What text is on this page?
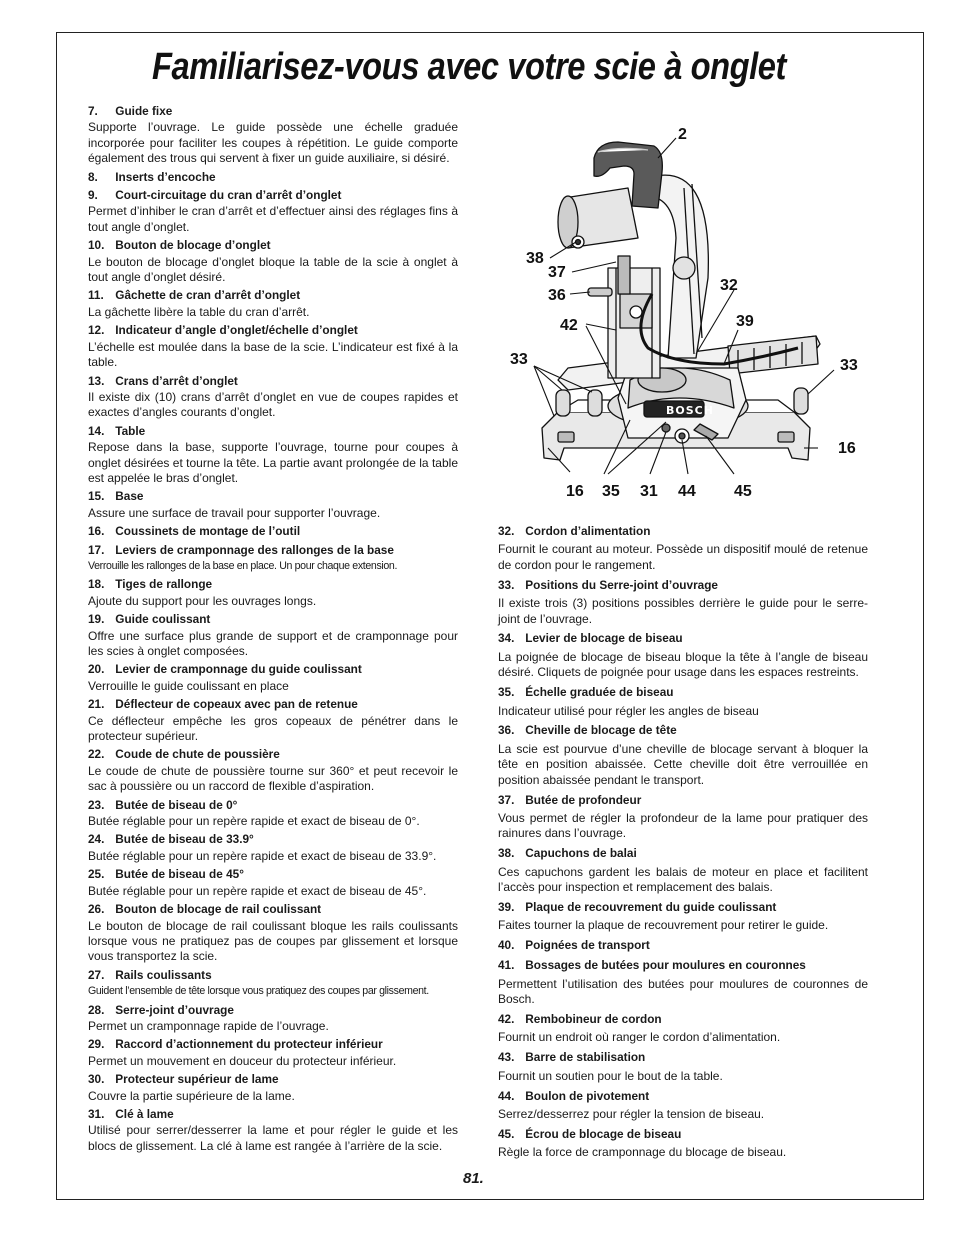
Familiarisez-vous avec votre scie à onglet

7. Guide fixe

Supporte l’ouvrage. Le guide possède une échelle graduée incorporée pour faciliter les coupes à répétition. Le guide comporte également des trous qui servent à fixer un guide auxiliaire, si désiré.

8. Inserts d’encoche

9. Court-circuitage du cran d’arrêt d’onglet

Permet d’inhiber le cran d’arrêt et d’effectuer ainsi des réglages fins à tout angle d’onglet.

10. Bouton de blocage d’onglet

Le bouton de blocage d’onglet bloque la table de la scie à onglet à tout angle d’onglet désiré.

11. Gâchette de cran d’arrêt d’onglet

La gâchette libère la table du cran d’arrêt.

12. Indicateur d’angle d’onglet/échelle d’onglet

L’échelle est moulée dans la base de la scie. L’indicateur est fixé à la table.

13. Crans d’arrêt d’onglet

Il existe dix (10) crans d’arrêt d’onglet en vue de coupes rapides et exactes d’angles courants d’onglet.

14. Table

Repose dans la base, supporte l’ouvrage, tourne pour coupes à onglet désirées et tourne la tête. La partie avant prolongée de la table est appelée le bras d’onglet.

15. Base

Assure une surface de travail pour supporter l’ouvrage.

16. Coussinets de montage de l’outil

17. Leviers de cramponnage des rallonges de la base

Verrouille les rallonges de la base en place. Un pour chaque extension.

18. Tiges de rallonge

Ajoute du support pour les ouvrages longs.

19. Guide coulissant

Offre une surface plus grande de support et de cramponnage pour les scies à onglet composées.

20. Levier de cramponnage du guide coulissant

Verrouille le guide coulissant en place

21. Déflecteur de copeaux avec pan de retenue

Ce déflecteur empêche les gros copeaux de pénétrer dans le protecteur supérieur.

22. Coude de chute de poussière

Le coude de chute de poussière tourne sur 360° et peut recevoir le sac à poussière ou un raccord de flexible d’aspiration.

23. Butée de biseau de 0°

Butée réglable pour un repère rapide et exact de biseau de 0°.

24. Butée de biseau de 33.9°

Butée réglable pour un repère rapide et exact de biseau de 33.9°.

25. Butée de biseau de 45°

Butée réglable pour un repère rapide et exact de biseau de 45°.

26. Bouton de blocage de rail coulissant

Le bouton de blocage de rail coulissant bloque les rails coulissants lorsque vous ne pratiquez pas de coupes par glissement et lorsque vous transportez la scie.

27. Rails coulissants

Guident l’ensemble de tête lorsque vous pratiquez des coupes par glissement.

28. Serre-joint d’ouvrage

Permet un cramponnage rapide de l’ouvrage.

29. Raccord d’actionnement du protecteur inférieur

Permet un mouvement en douceur du protecteur inférieur.

30. Protecteur supérieur de lame

Couvre la partie supérieure de la lame.

31. Clé à lame

Utilisé pour serrer/desserrer la lame et pour régler le guide et les blocs de glissement. La clé à lame est rangée à l’arrière de la scie.

BOSCH
2
38
37
36
32
42	39
33	33
16
16 35 31 44 45

32. Cordon d’alimentation

Fournit le courant au moteur. Possède un dispositif moulé de retenue de cordon pour le rangement.

33. Positions du Serre-joint d’ouvrage

Il existe trois (3) positions possibles derrière le guide pour le serre-joint de l’ouvrage.

34. Levier de blocage de biseau

La poignée de blocage de biseau bloque la tête à l’angle de biseau désiré. Cliquets de poignée pour usage dans les espaces restreints.

35. Échelle graduée de biseau

Indicateur utilisé pour régler les angles de biseau

36. Cheville de blocage de tête

La scie est pourvue d’une cheville de blocage servant à bloquer la tête en position abaissée. Cette cheville doit être verrouillée en position abaissée pendant le transport.

37. Butée de profondeur

Vous permet de régler la profondeur de la lame pour pratiquer des rainures dans l’ouvrage.

38. Capuchons de balai

Ces capuchons gardent les balais de moteur en place et facilitent l’accès pour inspection et remplacement des balais.

39. Plaque de recouvrement du guide coulissant

Faites tourner la plaque de recouvrement pour retirer le guide.

40. Poignées de transport

41. Bossages de butées pour moulures en couronnes

Permettent l’utilisation des butées pour moulures de couronnes de Bosch.

42. Rembobineur de cordon

Fournit un endroit où ranger le cordon d’alimentation.

43. Barre de stabilisation

Fournit un soutien pour le bout de la table.

44. Boulon de pivotement

Serrez/desserrez pour régler la tension de biseau.

45. Écrou de blocage de biseau

Règle la force de cramponnage du blocage de biseau.

81.
